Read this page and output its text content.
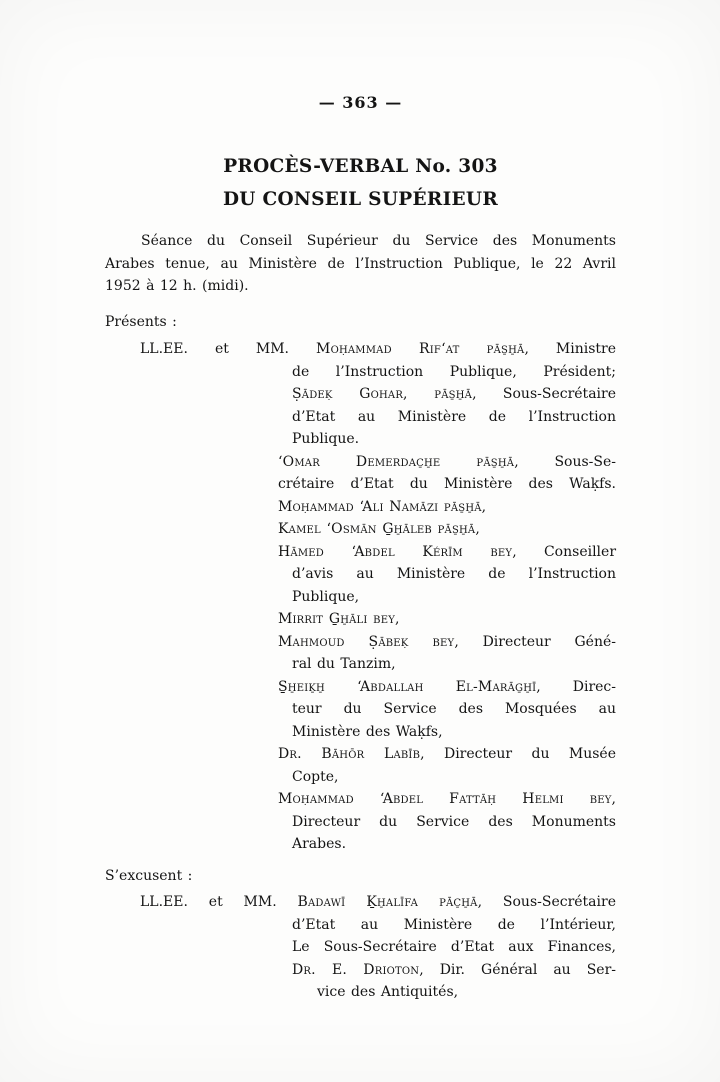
— 363 —
PROCÈS-VERBAL No. 303
DU CONSEIL SUPÉRIEUR
Séance du Conseil Supérieur du Service des Monuments
Arabes tenue, au Ministère de l’Instruction Publique, le 22 Avril
1952 à 12 h. (midi).
Présents :
LL.EE. et MM. Moḥammad Rif‘at pās̱ẖā, Ministre
de l’Instruction Publique, Président;
Ṣādeḳ Gohar, pās̱ẖā, Sous-Secrétaire
d’Etat au Ministère de l’Instruction
Publique.
‘Omar Demerdac̱ẖe pās̱ẖā, Sous-Se-
crétaire d’Etat du Ministère des Waḳfs.
Moḥammad ‘Ali Namāzi pās̱ẖā,
Kamel ‘Osmān G̱ẖāleb pās̱ẖā,
Hāmed ‘Abdel Kérīm bey, Conseiller
d’avis au Ministère de l’Instruction
Publique,
Mirrit G̱ẖāli bey,
Mahmoud Ṣābeḳ bey, Directeur Géné-
ral du Tanzim,
S̱ẖeiḵẖ ‘Abdallah El-Marāg̱ẖī, Direc-
teur du Service des Mosquées au
Ministère des Waḳfs,
Dr. Bāhōr Labīb, Directeur du Musée
Copte,
Moḥammad ‘Abdel Fattāḥ Helmi bey,
Directeur du Service des Monuments
Arabes.
S’excusent :
LL.EE. et MM. Badawī Ḵẖalīfa pāc̱ẖā, Sous-Secrétaire
d’Etat au Ministère de l’Intérieur,
Le Sous-Secrétaire d’Etat aux Finances,
Dr. E. Drioton, Dir. Général au Ser-
vice des Antiquités,
